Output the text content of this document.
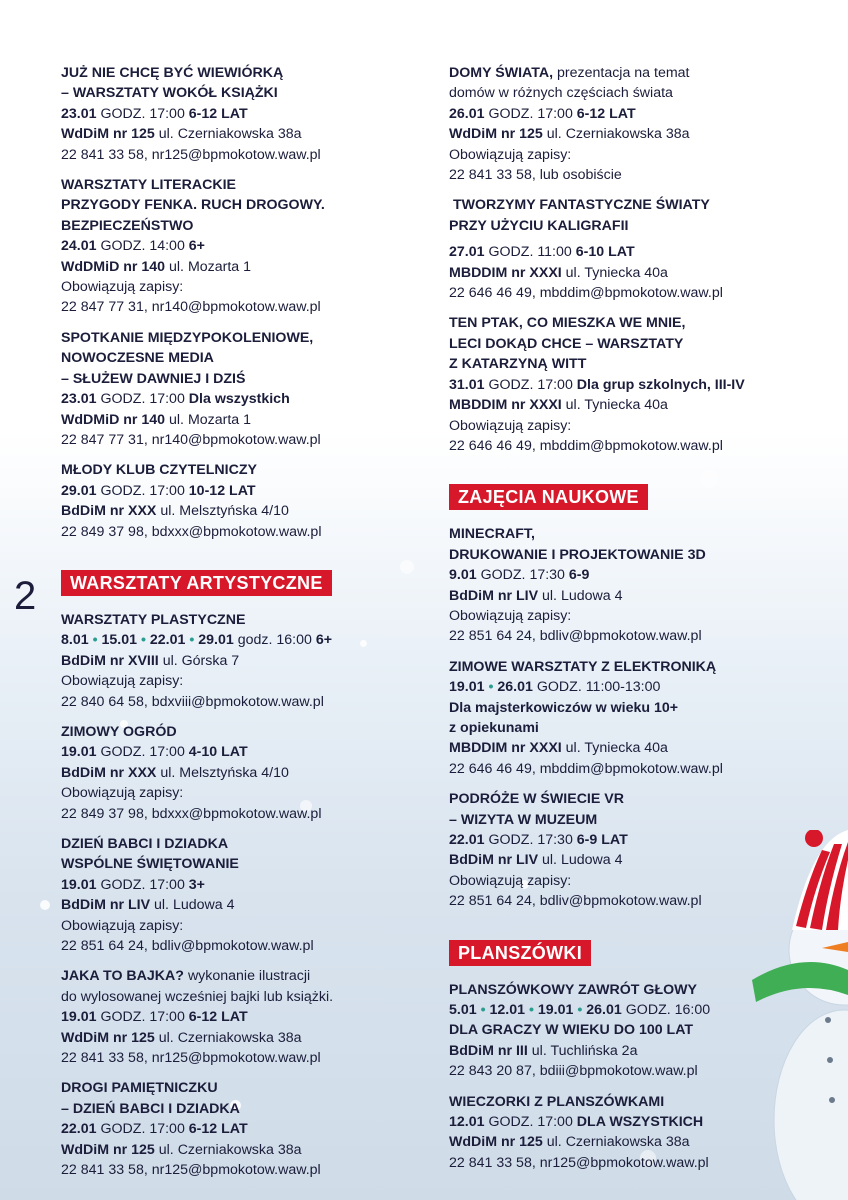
2
JUŻ NIE CHCĘ BYĆ WIEWIÓRKĄ
– WARSZTATY WOKÓŁ KSIĄŻKI
23.01 GODZ. 17:00 6-12 LAT
WdDiM nr 125 ul. Czerniakowska 38a
22 841 33 58, nr125@bpmokotow.waw.pl
WARSZTATY LITERACKIE
PRZYGODY FENKA. RUCH DROGOWY.
BEZPIECZEŃSTWO
24.01 GODZ. 14:00 6+
WdDMiD nr 140 ul. Mozarta 1
Obowiązują zapisy:
22 847 77 31, nr140@bpmokotow.waw.pl
SPOTKANIE MIĘDZYPOKOLENIOWE,
NOWOCZESNE MEDIA
– SŁUŻEW DAWNIEJ I DZIŚ
23.01 GODZ. 17:00 Dla wszystkich
WdDMiD nr 140 ul. Mozarta 1
22 847 77 31, nr140@bpmokotow.waw.pl
MŁODY KLUB CZYTELNICZY
29.01 GODZ. 17:00 10-12 LAT
BdDiM nr XXX ul. Melsztyńska 4/10
22 849 37 98, bdxxx@bpmokotow.waw.pl
WARSZTATY ARTYSTYCZNE
WARSZTATY PLASTYCZNE
8.01 • 15.01 • 22.01 • 29.01 godz. 16:00 6+
BdDiM nr XVIII ul. Górska 7
Obowiązują zapisy:
22 840 64 58, bdxviii@bpmokotow.waw.pl
ZIMOWY OGRÓD
19.01 GODZ. 17:00 4-10 LAT
BdDiM nr XXX ul. Melsztyńska 4/10
Obowiązują zapisy:
22 849 37 98, bdxxx@bpmokotow.waw.pl
DZIEŃ BABCI I DZIADKA
WSPÓLNE ŚWIĘTOWANIE
19.01 GODZ. 17:00 3+
BdDiM nr LIV ul. Ludowa 4
Obowiązują zapisy:
22 851 64 24, bdliv@bpmokotow.waw.pl
JAKA TO BAJKA? wykonanie ilustracji
do wylosowanej wcześniej bajki lub książki.
19.01 GODZ. 17:00 6-12 LAT
WdDiM nr 125 ul. Czerniakowska 38a
22 841 33 58, nr125@bpmokotow.waw.pl
DROGI PAMIĘTNICZKU
– DZIEŃ BABCI I DZIADKA
22.01 GODZ. 17:00 6-12 LAT
WdDiM nr 125 ul. Czerniakowska 38a
22 841 33 58, nr125@bpmokotow.waw.pl
DOMY ŚWIATA, prezentacja na temat
domów w różnych częściach świata
26.01 GODZ. 17:00 6-12 LAT
WdDiM nr 125 ul. Czerniakowska 38a
Obowiązują zapisy:
22 841 33 58, lub osobiście
TWORZYMY FANTASTYCZNE ŚWIATY
PRZY UŻYCIU KALIGRAFII
27.01 GODZ. 11:00 6-10 LAT
MBDDIM nr XXXI ul. Tyniecka 40a
22 646 46 49, mbddim@bpmokotow.waw.pl
TEN PTAK, CO MIESZKA WE MNIE,
LECI DOKĄD CHCE – WARSZTATY
Z KATARZYNĄ WITT
31.01 GODZ. 17:00 Dla grup szkolnych, III-IV
MBDDIM nr XXXI ul. Tyniecka 40a
Obowiązują zapisy:
22 646 46 49, mbddim@bpmokotow.waw.pl
ZAJĘCIA NAUKOWE
MINECRAFT,
DRUKOWANIE I PROJEKTOWANIE 3D
9.01 GODZ. 17:30 6-9
BdDiM nr LIV ul. Ludowa 4
Obowiązują zapisy:
22 851 64 24, bdliv@bpmokotow.waw.pl
ZIMOWE WARSZTATY Z ELEKTRONIKĄ
19.01 • 26.01 GODZ. 11:00-13:00
Dla majsterkowiczów w wieku 10+
z opiekunami
MBDDIM nr XXXI ul. Tyniecka 40a
22 646 46 49, mbddim@bpmokotow.waw.pl
PODRÓŻE W ŚWIECIE VR
– WIZYTA W MUZEUM
22.01 GODZ. 17:30 6-9 LAT
BdDiM nr LIV ul. Ludowa 4
Obowiązują zapisy:
22 851 64 24, bdliv@bpmokotow.waw.pl
PLANSZÓWKI
PLANSZÓWKOWY ZAWRÓT GŁOWY
5.01 • 12.01 • 19.01 • 26.01 GODZ. 16:00
DLA GRACZY W WIEKU DO 100 LAT
BdDiM nr III ul. Tuchlińska 2a
22 843 20 87, bdiii@bpmokotow.waw.pl
WIECZORKI Z PLANSZÓWKAMI
12.01 GODZ. 17:00 DLA WSZYSTKICH
WdDiM nr 125 ul. Czerniakowska 38a
22 841 33 58, nr125@bpmokotow.waw.pl
